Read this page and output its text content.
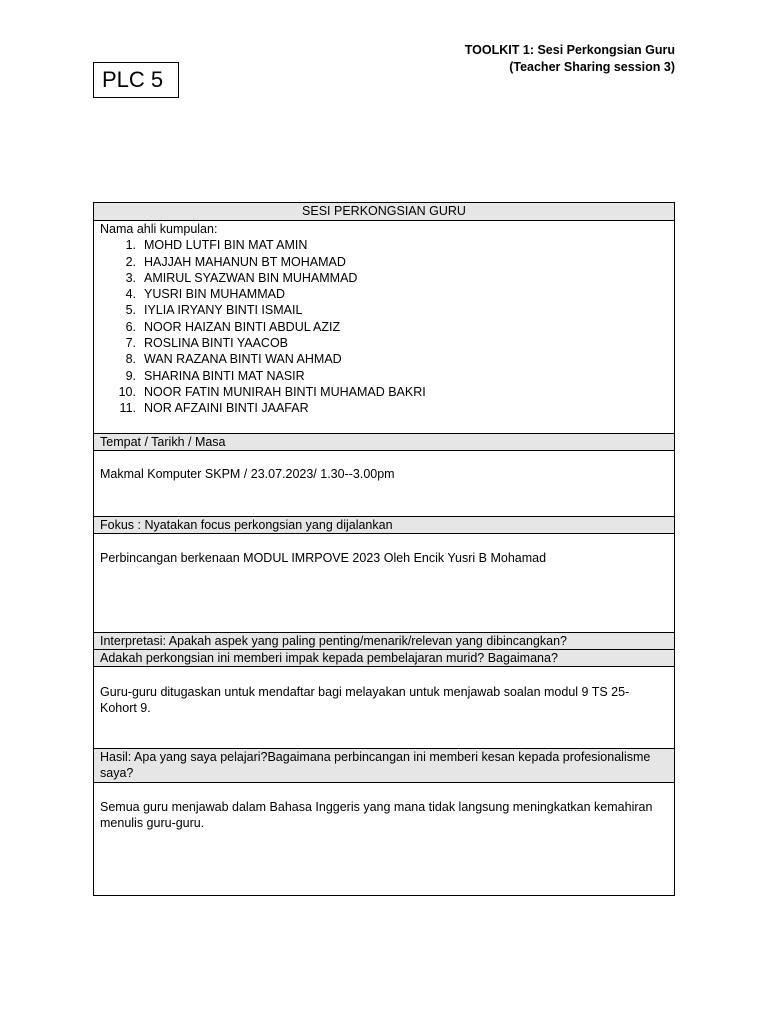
PLC 5
TOOLKIT 1: Sesi Perkongsian Guru
(Teacher Sharing session 3)
SESI PERKONGSIAN GURU
Nama ahli kumpulan:
1. MOHD LUTFI BIN MAT AMIN
2. HAJJAH MAHANUN BT MOHAMAD
3. AMIRUL SYAZWAN BIN MUHAMMAD
4. YUSRI BIN MUHAMMAD
5. IYLIA IRYANY BINTI ISMAIL
6. NOOR HAIZAN BINTI ABDUL AZIZ
7. ROSLINA BINTI YAACOB
8. WAN RAZANA BINTI WAN AHMAD
9. SHARINA BINTI MAT NASIR
10. NOOR FATIN MUNIRAH BINTI MUHAMAD BAKRI
11. NOR AFZAINI BINTI JAAFAR
Tempat / Tarikh / Masa
Makmal Komputer SKPM / 23.07.2023/ 1.30--3.00pm
Fokus : Nyatakan focus perkongsian yang dijalankan
Perbincangan berkenaan MODUL IMRPOVE 2023 Oleh Encik Yusri B Mohamad
Interpretasi: Apakah aspek yang paling penting/menarik/relevan yang dibincangkan?
Adakah perkongsian ini memberi impak kepada pembelajaran murid? Bagaimana?
Guru-guru ditugaskan untuk mendaftar bagi melayakan untuk menjawab soalan modul 9 TS 25-Kohort 9.
Hasil: Apa yang saya pelajari?Bagaimana perbincangan ini memberi kesan kepada profesionalisme saya?
Semua guru menjawab dalam Bahasa Inggeris yang mana tidak langsung meningkatkan kemahiran menulis guru-guru.
